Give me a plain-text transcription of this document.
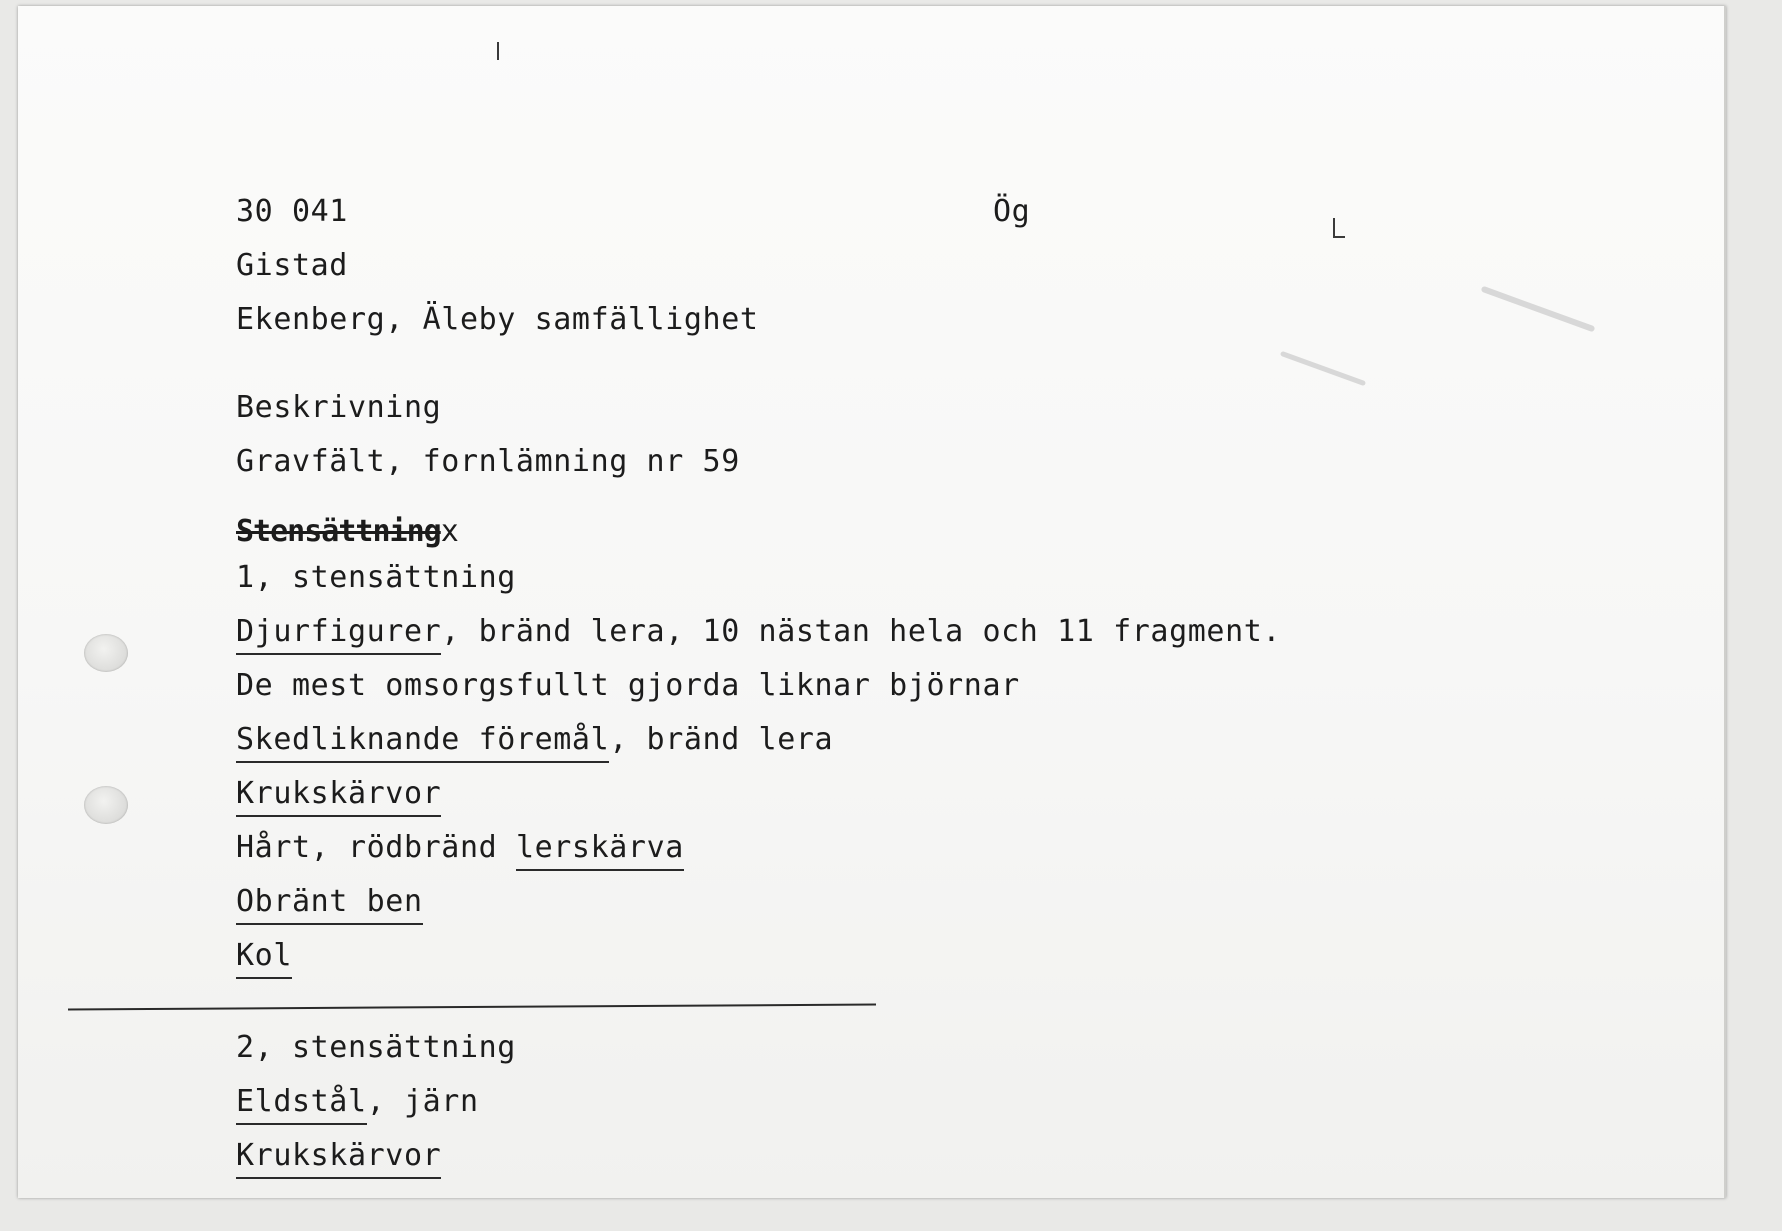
30 041	Ög
Gistad
Ekenberg, Äleby samfällighet
Beskrivning
Gravfält, fornlämning nr 59
Stensättningx
1, stensättning
Djurfigurer, bränd lera, 10 nästan hela och 11 fragment.
De mest omsorgsfullt gjorda liknar björnar
Skedliknande föremål, bränd lera
Krukskärvor
Hårt, rödbränd lerskärva
Obränt ben
Kol
2, stensättning
Eldstål, järn
Krukskärvor
